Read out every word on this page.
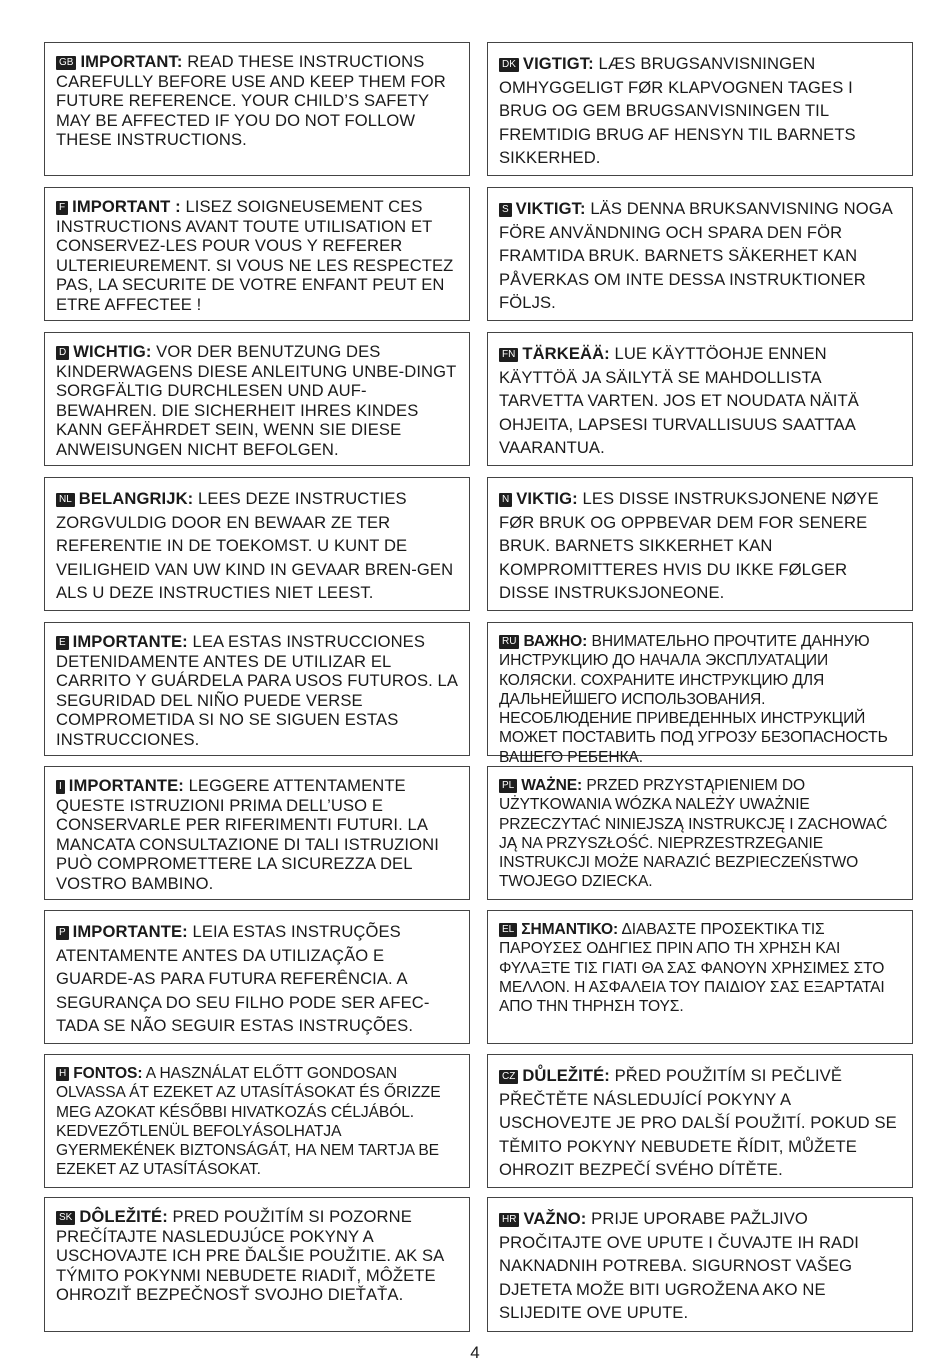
GB IMPORTANT: READ THESE INSTRUCTIONS CAREFULLY BEFORE USE AND KEEP THEM FOR FUTURE REFERENCE. YOUR CHILD’S SAFETY MAY BE AFFECTED IF YOU DO NOT FOLLOW THESE INSTRUCTIONS.

DK VIGTIGT: LÆS BRUGSANVISNINGEN OMHYGGELIGT FØR KLAPVOGNEN TAGES I BRUG OG GEM BRUGSANVISNINGEN TIL FREMTIDIG BRUG AF HENSYN TIL BARNETS SIKKERHED.

F IMPORTANT : LISEZ SOIGNEUSEMENT CES INSTRUCTIONS AVANT TOUTE UTILISATION ET CONSERVEZ-LES POUR VOUS Y REFERER ULTERIEUREMENT. SI VOUS NE LES RESPECTEZ PAS, LA SECURITE DE VOTRE ENFANT PEUT EN ETRE AFFECTEE !

S VIKTIGT: LÄS DENNA BRUKSANVISNING NOGA FÖRE ANVÄNDNING OCH SPARA DEN FÖR FRAMTIDA BRUK. BARNETS SÄKERHET KAN PÅVERKAS OM INTE DESSA INSTRUKTIONER FÖLJS.

D WICHTIG: VOR DER BENUTZUNG DES KINDERWAGENS DIESE ANLEITUNG UNBE-DINGT SORGFÄLTIG DURCHLESEN UND AUF-BEWAHREN. DIE SICHERHEIT IHRES KINDES KANN GEFÄHRDET SEIN, WENN SIE DIESE ANWEISUNGEN NICHT BEFOLGEN.

FN TÄRKEÄÄ: LUE KÄYTTÖOHJE ENNEN KÄYTTÖÄ JA SÄILYTÄ SE MAHDOLLISTA TARVETTA VARTEN. JOS ET NOUDATA NÄITÄ OHJEITA, LAPSESI TURVALLISUUS SAATTAA VAARANTUA.

NL BELANGRIJK: LEES DEZE INSTRUCTIES ZORGVULDIG DOOR EN BEWAAR ZE TER REFERENTIE IN DE TOEKOMST. U KUNT DE VEILIGHEID VAN UW KIND IN GEVAAR BREN-GEN ALS U DEZE INSTRUCTIES NIET LEEST.

N VIKTIG: LES DISSE INSTRUKSJONENE NØYE FØR BRUK OG OPPBEVAR DEM FOR SENERE BRUK. BARNETS SIKKERHET KAN KOMPROMITTERES HVIS DU IKKE FØLGER DISSE INSTRUKSJONEONE.

E IMPORTANTE: LEA ESTAS INSTRUCCIONES DETENIDAMENTE ANTES DE UTILIZAR EL CARRITO Y GUÁRDELA PARA USOS FUTUROS. LA SEGURIDAD DEL NIÑO PUEDE VERSE COMPROMETIDA SI NO SE SIGUEN ESTAS INSTRUCCIONES.

RU ВАЖНО: ВНИМАТЕЛЬНО ПРОЧТИТЕ ДАННУЮ ИНСТРУКЦИЮ ДО НАЧАЛА ЭКСПЛУАТАЦИИ КОЛЯСКИ. СОХРАНИТЕ ИНСТРУКЦИЮ ДЛЯ ДАЛЬНЕЙШЕГО ИСПОЛЬЗОВАНИЯ. НЕСОБЛЮДЕНИЕ ПРИВЕДЕННЫХ ИНСТРУКЦИЙ МОЖЕТ ПОСТАВИТЬ ПОД УГРОЗУ БЕЗОПАСНОСТЬ ВАШЕГО РЕБЕНКА.

I IMPORTANTE: LEGGERE ATTENTAMENTE QUESTE ISTRUZIONI PRIMA DELL’USO E CONSERVARLE PER RIFERIMENTI FUTURI. LA MANCATA CONSULTAZIONE DI TALI ISTRUZIONI PUÒ COMPROMETTERE LA SICUREZZA DEL VOSTRO BAMBINO.

PL WAŻNE: PRZED PRZYSTĄPIENIEM DO UŻYTKOWANIA WÓZKA NALEŻY UWAŻNIE PRZECZYTAĆ NINIEJSZĄ INSTRUKCJĘ I ZACHOWAĆ JĄ NA PRZYSZŁOŚĆ. NIEPRZESTRZEGANIE INSTRUKCJI MOŻE NARAZIĆ BEZPIECZEŃSTWO TWOJEGO DZIECKA.

P IMPORTANTE: LEIA ESTAS INSTRUÇÕES ATENTAMENTE ANTES DA UTILIZAÇÃO E GUARDE-AS PARA FUTURA REFERÊNCIA. A SEGURANÇA DO SEU FILHO PODE SER AFEC-TADA SE NÃO SEGUIR ESTAS INSTRUÇÕES.

EL ΣΗΜΑΝΤΙΚΟ: ΔΙΑΒΑΣΤΕ ΠΡΟΣΕΚΤΙΚΑ ΤΙΣ ΠΑΡΟΥΣΕΣ ΟΔΗΓΙΕΣ ΠΡΙΝ ΑΠΟ ΤΗ ΧΡΗΣΗ ΚΑΙ ΦΥΛΑΞΤΕ ΤΙΣ ΓΙΑΤΙ ΘΑ ΣΑΣ ΦΑΝΟΥΝ ΧΡΗΣΙΜΕΣ ΣΤΟ ΜΕΛΛΟΝ. Η ΑΣΦΑΛΕΙΑ ΤΟΥ ΠΑΙΔΙΟΥ ΣΑΣ ΕΞΑΡΤΑΤΑΙ ΑΠΟ ΤΗΝ ΤΗΡΗΣΗ ΤΟΥΣ.

H FONTOS: A HASZNÁLAT ELŐTT GONDOSAN OLVASSA ÁT EZEKET AZ UTASÍTÁSOKAT ÉS ŐRIZZE MEG AZOKAT KÉSŐBBI HIVATKOZÁS CÉLJÁBÓL. KEDVEZŐTLENÜL BEFOLYÁSOLHATJA GYERMEKÉNEK BIZTONSÁGÁT, HA NEM TARTJA BE EZEKET AZ UTASÍTÁSOKAT.

CZ DŮLEŽITÉ: PŘED POUŽITÍM SI PEČLIVĚ PŘEČTĚTE NÁSLEDUJÍCÍ POKYNY A USCHOVEJTE JE PRO DALŠÍ POUŽITÍ. POKUD SE TĚMITO POKYNY NEBUDETE ŘÍDIT, MŮŽETE OHROZIT BEZPEČÍ SVÉHO DÍTĚTE.

SK DÔLEŽITÉ: PRED POUŽITÍM SI POZORNE PREČÍTAJTE NASLEDUJÚCE POKYNY A USCHOVAJTE ICH PRE ĎALŠIE POUŽITIE. AK SA TÝMITO POKYNMI NEBUDETE RIADIŤ, MÔŽETE OHROZIŤ BEZPEČNOSŤ SVOJHO DIEŤAŤA.

HR VAŽNO: PRIJE UPORABE PAŽLJIVO PROČITAJTE OVE UPUTE I ČUVAJTE IH RADI NAKNADNIH POTREBA. SIGURNOST VAŠEG DJETETA MOŽE BITI UGROŽENA AKO NE SLIJEDITE OVE UPUTE.

4
